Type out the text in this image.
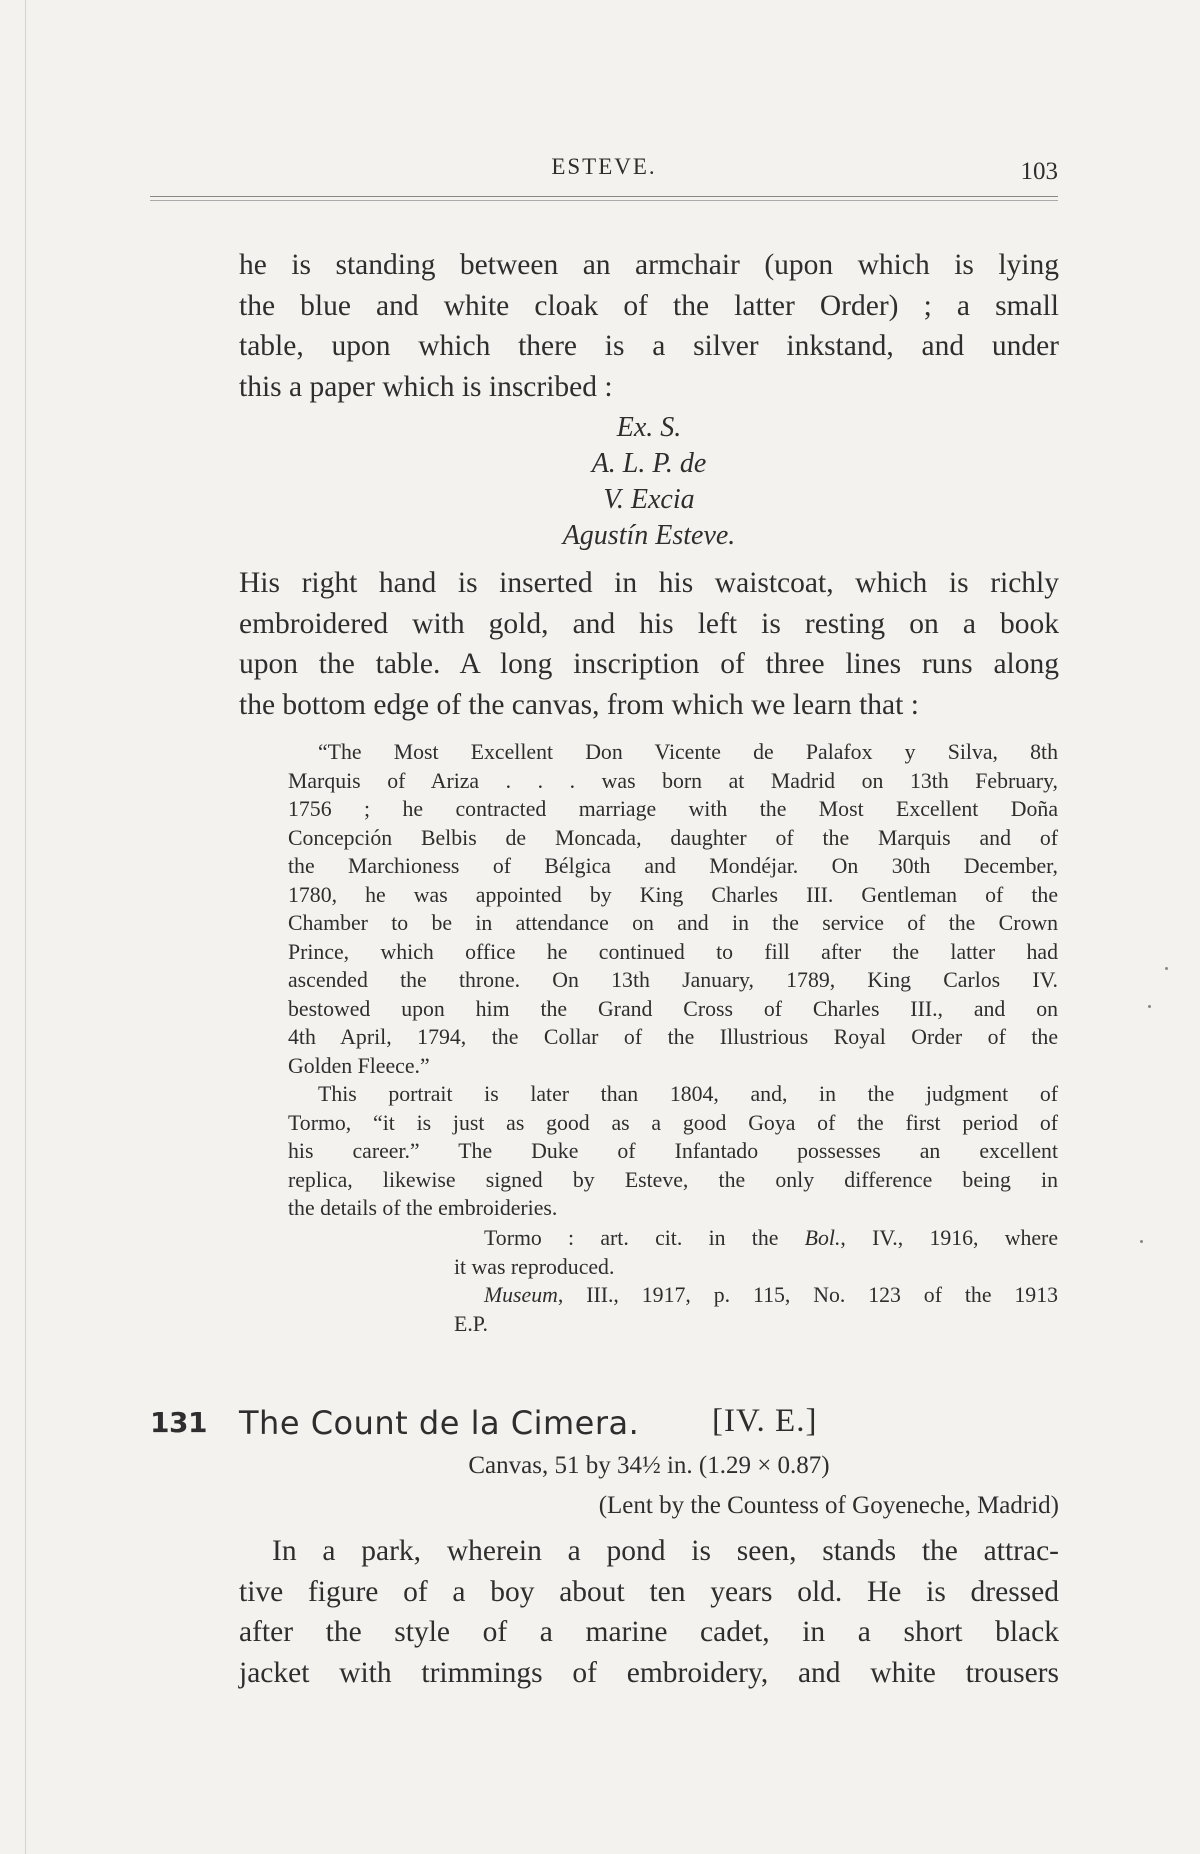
ESTEVE.	103
he is standing between an armchair (upon which is lying
the blue and white cloak of the latter Order) ; a small
table, upon which there is a silver inkstand, and under
this a paper which is inscribed :
Ex. S.
A. L. P. de
V. Excia
Agustín Esteve.
His right hand is inserted in his waistcoat, which is richly
embroidered with gold, and his left is resting on a book
upon the table. A long inscription of three lines runs along
the bottom edge of the canvas, from which we learn that :
“The Most Excellent Don Vicente de Palafox y Silva, 8th
Marquis of Ariza . . . was born at Madrid on 13th February,
1756 ; he contracted marriage with the Most Excellent Doña
Concepción Belbis de Moncada, daughter of the Marquis and of
the Marchioness of Bélgica and Mondéjar. On 30th December,
1780, he was appointed by King Charles III. Gentleman of the
Chamber to be in attendance on and in the service of the Crown
Prince, which office he continued to fill after the latter had
ascended the throne. On 13th January, 1789, King Carlos IV.
bestowed upon him the Grand Cross of Charles III., and on
4th April, 1794, the Collar of the Illustrious Royal Order of the
Golden Fleece.”
This portrait is later than 1804, and, in the judgment of
Tormo, “it is just as good as a good Goya of the first period of
his career.” The Duke of Infantado possesses an excellent
replica, likewise signed by Esteve, the only difference being in
the details of the embroideries.
Tormo : art. cit. in the Bol., IV., 1916, where
it was reproduced.
Museum, III., 1917, p. 115, No. 123 of the 1913
E.P.
131 The Count de la Cimera. [IV. E.]
Canvas, 51 by 34½ in. (1.29 × 0.87)
(Lent by the Countess of Goyeneche, Madrid)
In a park, wherein a pond is seen, stands the attrac-
tive figure of a boy about ten years old. He is dressed
after the style of a marine cadet, in a short black
jacket with trimmings of embroidery, and white trousers
